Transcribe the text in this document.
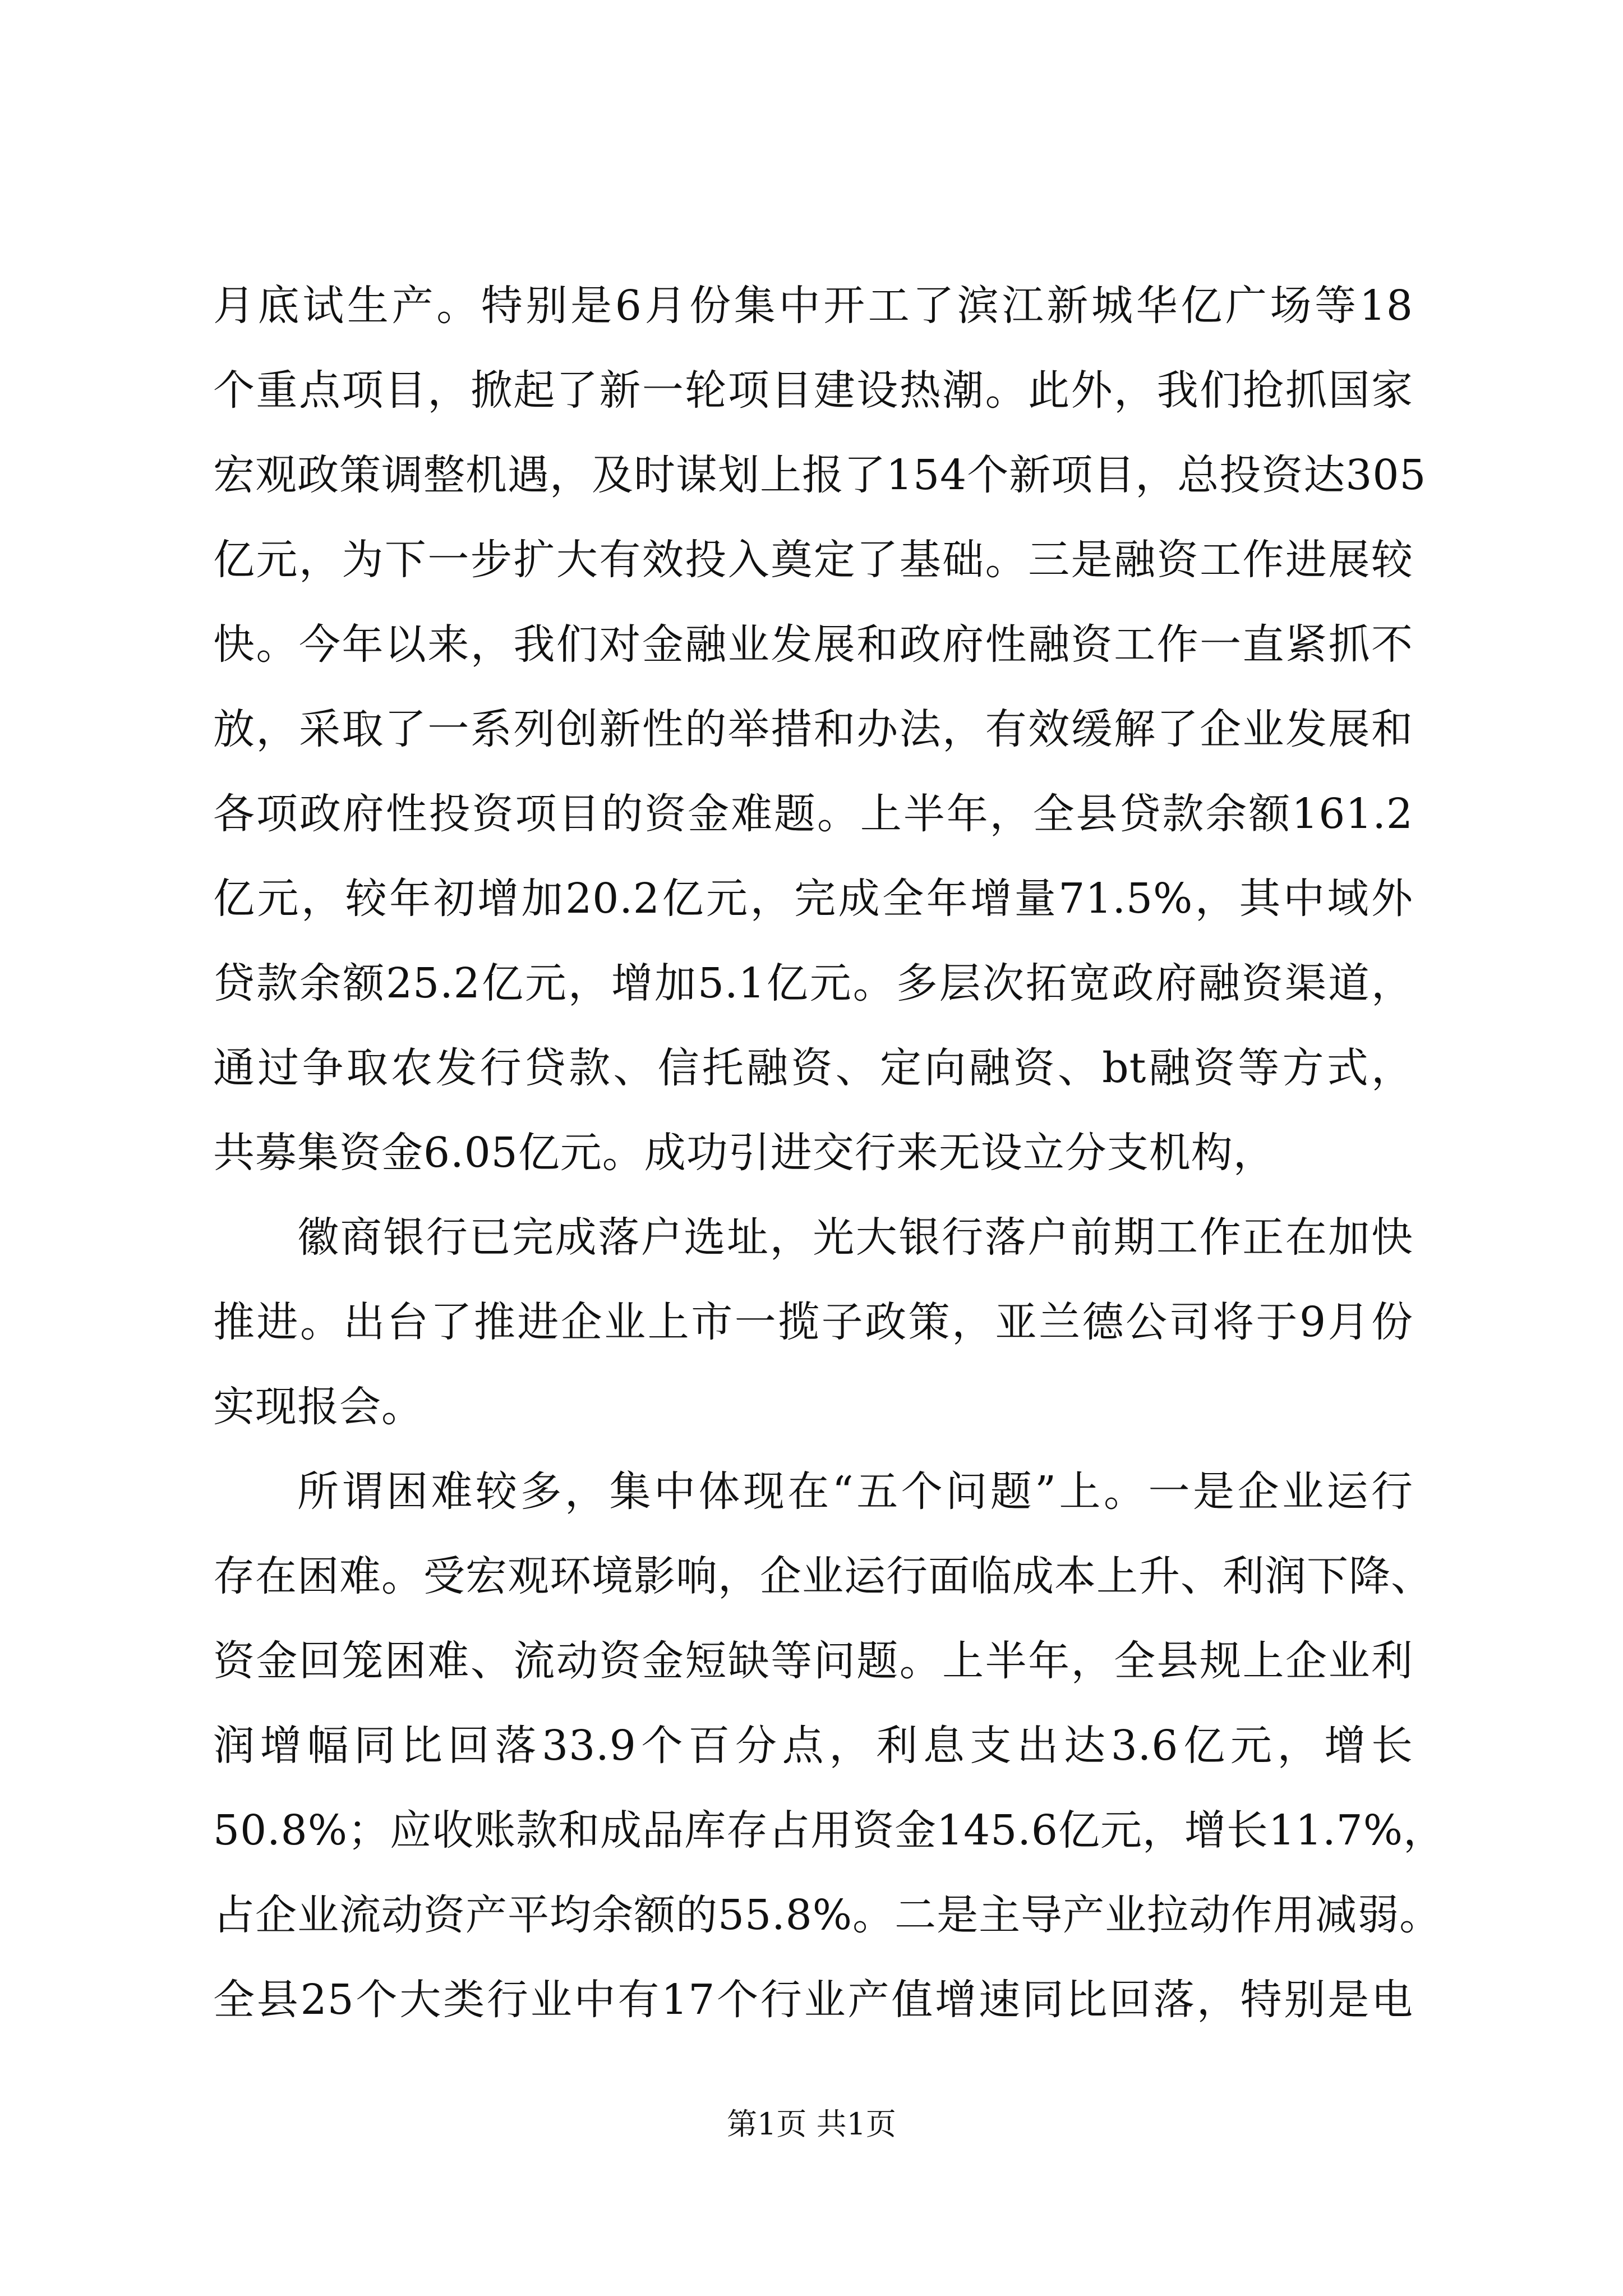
月底试生产。特别是6月份集中开工了滨江新城华亿广场等18
个重点项目，掀起了新一轮项目建设热潮。此外，我们抢抓国家
宏观政策调整机遇，及时谋划上报了154个新项目，总投资达305
亿元，为下一步扩大有效投入奠定了基础。三是融资工作进展较
快。今年以来，我们对金融业发展和政府性融资工作一直紧抓不
放，采取了一系列创新性的举措和办法，有效缓解了企业发展和
各项政府性投资项目的资金难题。上半年，全县贷款余额161.2
亿元，较年初增加20.2亿元，完成全年增量71.5%，其中域外
贷款余额25.2亿元，增加5.1亿元。多层次拓宽政府融资渠道，
通过争取农发行贷款、信托融资、定向融资、bt融资等方式，
共募集资金6.05亿元。成功引进交行来无设立分支机构，
徽商银行已完成落户选址，光大银行落户前期工作正在加快
推进。出台了推进企业上市一揽子政策，亚兰德公司将于9月份
实现报会。
所谓困难较多，集中体现在“五个问题”上。一是企业运行
存在困难。受宏观环境影响，企业运行面临成本上升、利润下降、
资金回笼困难、流动资金短缺等问题。上半年，全县规上企业利
润增幅同比回落33.9个百分点，利息支出达3.6亿元，增长
50.8%；应收账款和成品库存占用资金145.6亿元，增长11.7%，
占企业流动资产平均余额的55.8%。二是主导产业拉动作用减弱。
全县25个大类行业中有17个行业产值增速同比回落，特别是电
第1页 共1页
